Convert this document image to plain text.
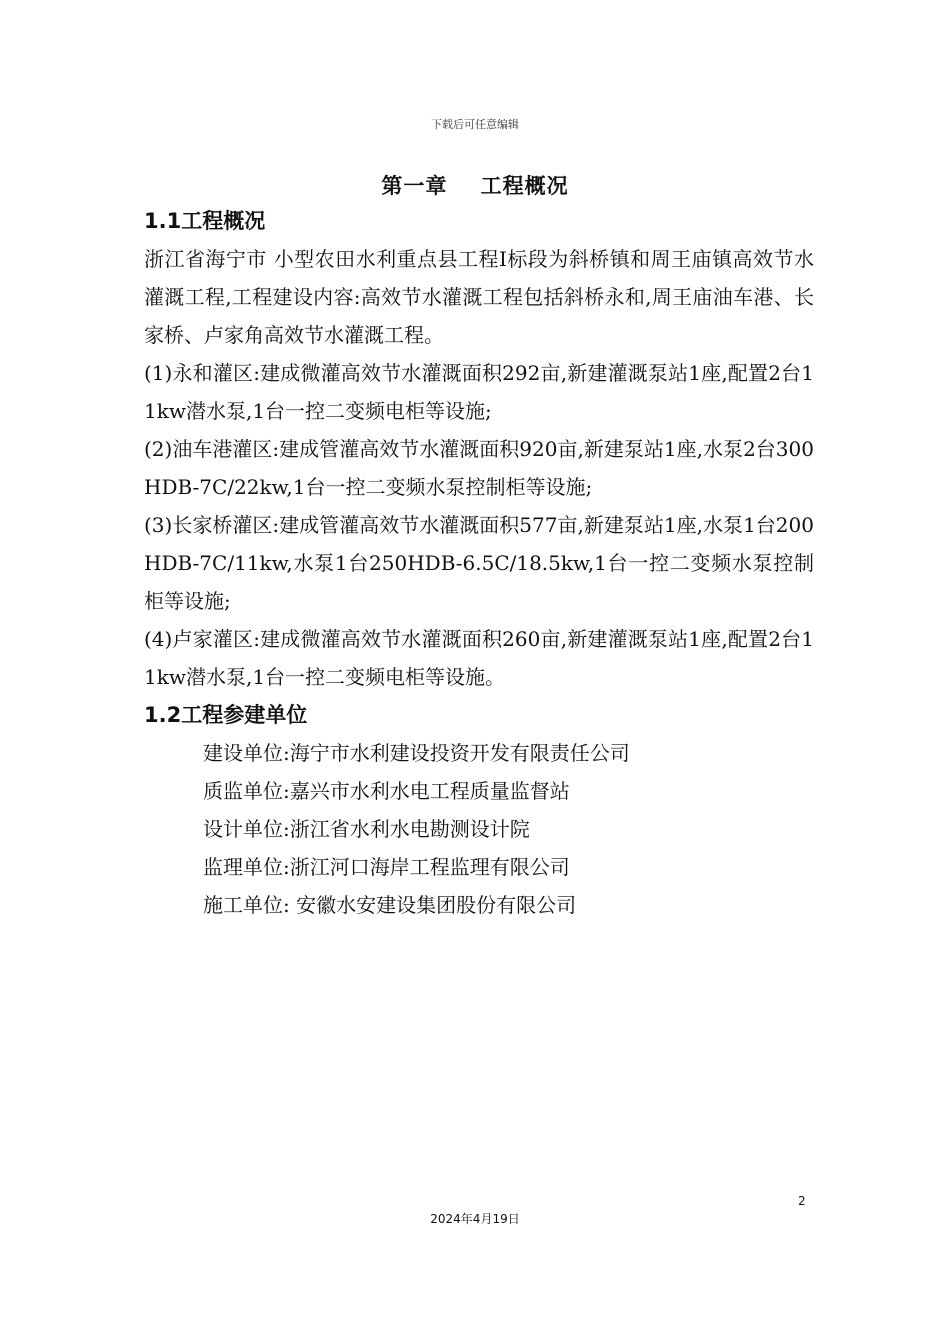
下载后可任意编辑
第一章    工程概况
1.1工程概况

浙江省海宁市 小型农田水利重点县工程Ⅰ标段为斜桥镇和周王庙镇高效节水灌溉工程,工程建设内容:高效节水灌溉工程包括斜桥永和,周王庙油车港、长家桥、卢家角高效节水灌溉工程。

(1)永和灌区:建成微灌高效节水灌溉面积292亩,新建灌溉泵站1座,配置2台11kw潜水泵,1台一控二变频电柜等设施;

(2)油车港灌区:建成管灌高效节水灌溉面积920亩,新建泵站1座,水泵2台300HDB-7C/22kw,1台一控二变频水泵控制柜等设施;

(3)长家桥灌区:建成管灌高效节水灌溉面积577亩,新建泵站1座,水泵1台200HDB-7C/11kw,水泵1台250HDB-6.5C/18.5kw,1台一控二变频水泵控制柜等设施;

(4)卢家灌区:建成微灌高效节水灌溉面积260亩,新建灌溉泵站1座,配置2台11kw潜水泵,1台一控二变频电柜等设施。

1.2工程参建单位

建设单位:海宁市水利建设投资开发有限责任公司

质监单位:嘉兴市水利水电工程质量监督站

设计单位:浙江省水利水电勘测设计院

监理单位:浙江河口海岸工程监理有限公司

施工单位: 安徽水安建设集团股份有限公司

2
2024年4月19日
